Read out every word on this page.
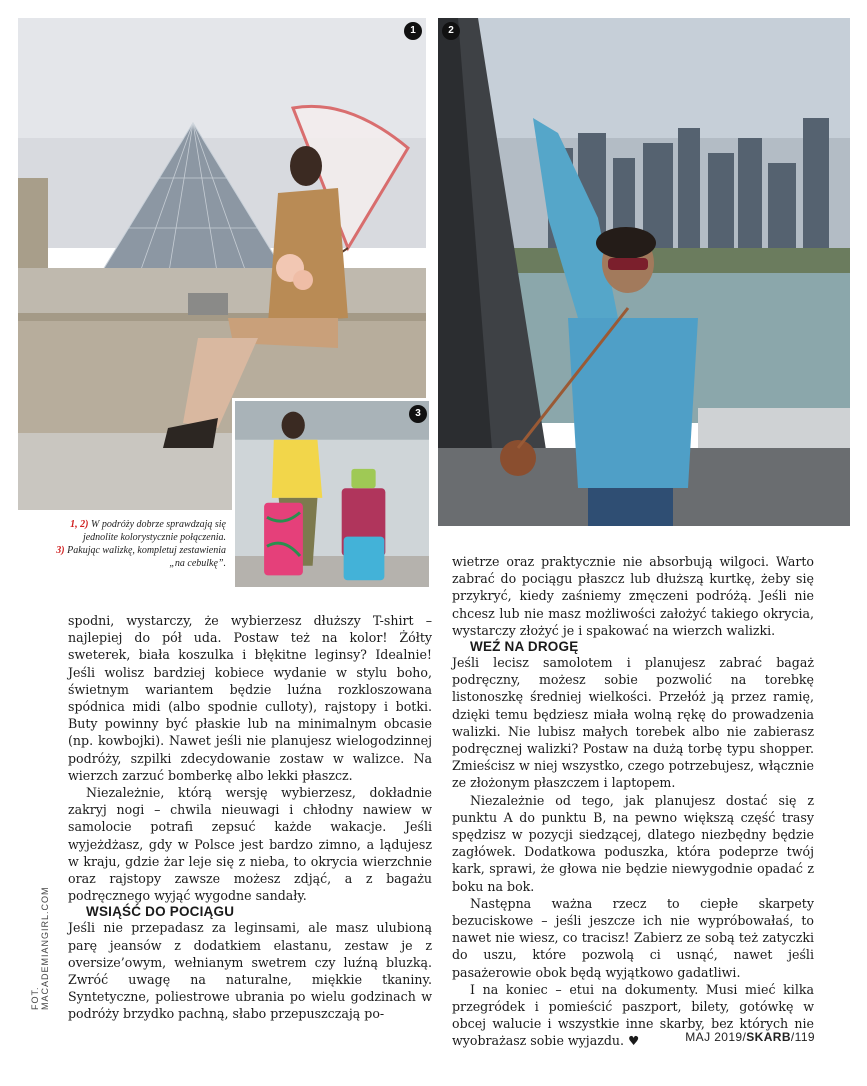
1	2
3

1, 2) W podróży dobrze sprawdzają się jednolite kolorystycznie połączenia.

3) Pakując walizkę, kompletuj zestawienia „na cebulkę”.

spodni, wystarczy, że wybierzesz dłuższy T-shirt – najlepiej do pół uda. Postaw też na kolor! Żółty sweterek, biała koszulka i błękitne leginsy? Idealnie! Jeśli wolisz bardziej kobiece wydanie w stylu boho, świetnym wariantem będzie luźna rozkloszowana spódnica midi (albo spodnie culloty), rajstopy i botki. Buty powinny być płaskie lub na minimalnym obcasie (np. kowbojki). Nawet jeśli nie planujesz wielogodzinnej podróży, szpilki zdecydowanie zostaw w walizce. Na wierzch zarzuć bomberkę albo lekki płaszcz.

Niezależnie, którą wersję wybierzesz, dokładnie zakryj nogi – chwila nieuwagi i chłodny nawiew w samolocie potrafi zepsuć każde wakacje. Jeśli wyjeżdżasz, gdy w Polsce jest bardzo zimno, a lądujesz w kraju, gdzie żar leje się z nieba, to okrycia wierzchnie oraz rajstopy zawsze możesz zdjąć, a z bagażu podręcznego wyjąć wygodne sandały.

WSIĄŚĆ DO POCIĄGU

Jeśli nie przepadasz za leginsami, ale masz ulubioną parę jeansów z dodatkiem elastanu, zestaw je z oversize’owym, wełnianym swetrem czy luźną bluzką. Zwróć uwagę na naturalne, miękkie tkaniny. Syntetyczne, poliestrowe ubrania po wielu godzinach w podróży brzydko pachną, słabo przepuszczają po-

wietrze oraz praktycznie nie absorbują wilgoci. Warto zabrać do pociągu płaszcz lub dłuższą kurtkę, żeby się przykryć, kiedy zaśniemy zmęczeni podróżą. Jeśli nie chcesz lub nie masz możliwości założyć takiego okrycia, wystarczy złożyć je i spakować na wierzch walizki.

WEŹ NA DROGĘ

Jeśli lecisz samolotem i planujesz zabrać bagaż podręczny, możesz sobie pozwolić na torebkę listonoszkę średniej wielkości. Przełóż ją przez ramię, dzięki temu będziesz miała wolną rękę do prowadzenia walizki. Nie lubisz małych torebek albo nie zabierasz podręcznej walizki? Postaw na dużą torbę typu shopper. Zmieścisz w niej wszystko, czego potrzebujesz, włącznie ze złożonym płaszczem i laptopem.

Niezależnie od tego, jak planujesz dostać się z punktu A do punktu B, na pewno większą część trasy spędzisz w pozycji siedzącej, dlatego niezbędny będzie zagłówek. Dodatkowa poduszka, która podeprze twój kark, sprawi, że głowa nie będzie niewygodnie opadać z boku na bok.

Następna ważna rzecz to ciepłe skarpety bezuciskowe – jeśli jeszcze ich nie wypróbowałaś, to nawet nie wiesz, co tracisz! Zabierz ze sobą też zatyczki do uszu, które pozwolą ci usnąć, nawet jeśli pasażerowie obok będą wyjątkowo gadatliwi.

I na koniec – etui na dokumenty. Musi mieć kilka przegródek i pomieścić paszport, bilety, gotówkę w obcej walucie i wszystkie inne skarby, bez których nie wyobrażasz sobie wyjazdu. ♥

FOT. MACADEMIANGIRL.COM
MAJ 2019/SKARB/119
